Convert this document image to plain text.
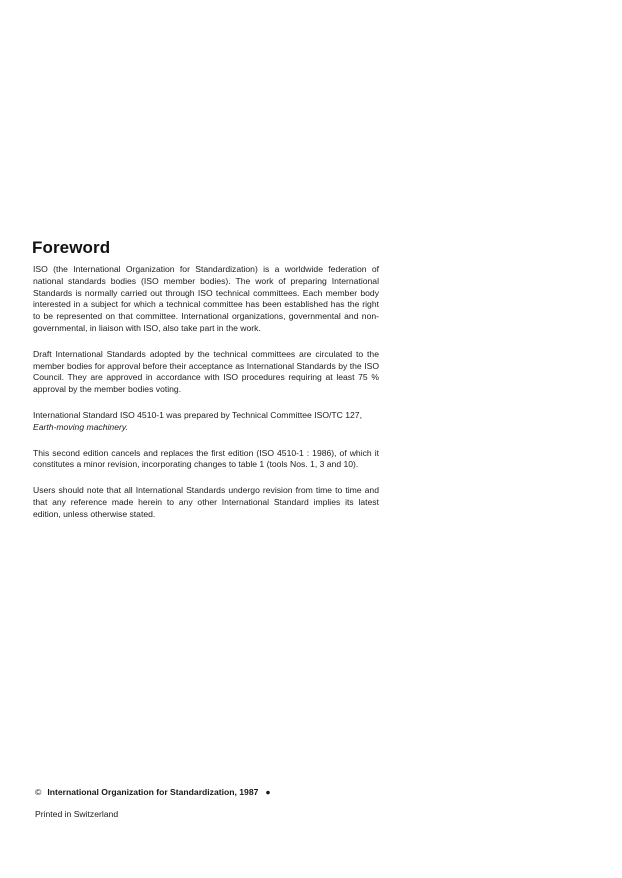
Foreword

ISO (the International Organization for Standardization) is a worldwide federation of national standards bodies (ISO member bodies). The work of preparing International Standards is normally carried out through ISO technical committees. Each member body interested in a subject for which a technical committee has been established has the right to be represented on that committee. International organizations, governmental and non-governmental, in liaison with ISO, also take part in the work.

Draft International Standards adopted by the technical committees are circulated to the member bodies for approval before their acceptance as International Standards by the ISO Council. They are approved in accordance with ISO procedures requiring at least 75 % approval by the member bodies voting.

International Standard ISO 4510-1 was prepared by Technical Committee ISO/TC 127,
Earth-moving machinery.

This second edition cancels and replaces the first edition (ISO 4510-1 : 1986), of which it constitutes a minor revision, incorporating changes to table 1 (tools Nos. 1, 3 and 10).

Users should note that all International Standards undergo revision from time to time and that any reference made herein to any other International Standard implies its latest edition, unless otherwise stated.

© International Organization for Standardization, 1987 ●
Printed in Switzerland
